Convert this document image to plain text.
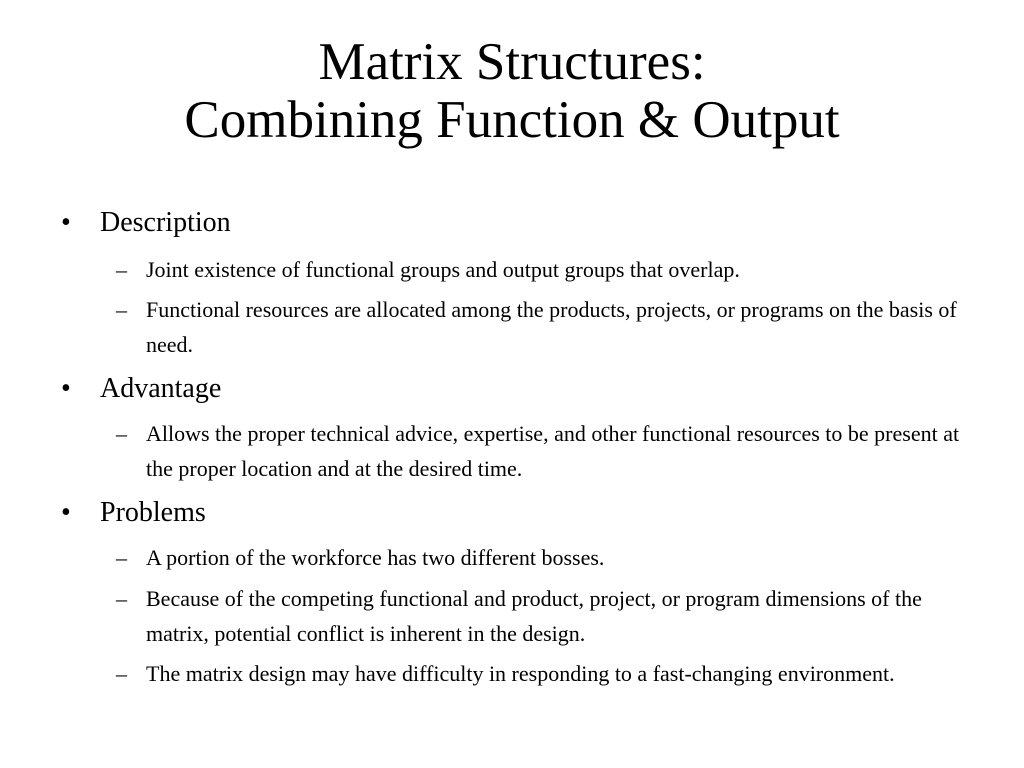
Matrix Structures:
Combining Function & Output
• Description
– Joint existence of functional groups and output groups that overlap.
– Functional resources are allocated among the products, projects, or programs on the basis of need.
• Advantage
– Allows the proper technical advice, expertise, and other functional resources to be present at the proper location and at the desired time.
• Problems
– A portion of the workforce has two different bosses.
– Because of the competing functional and product, project, or program dimensions of the matrix, potential conflict is inherent in the design.
– The matrix design may have difficulty in responding to a fast-changing environment.
